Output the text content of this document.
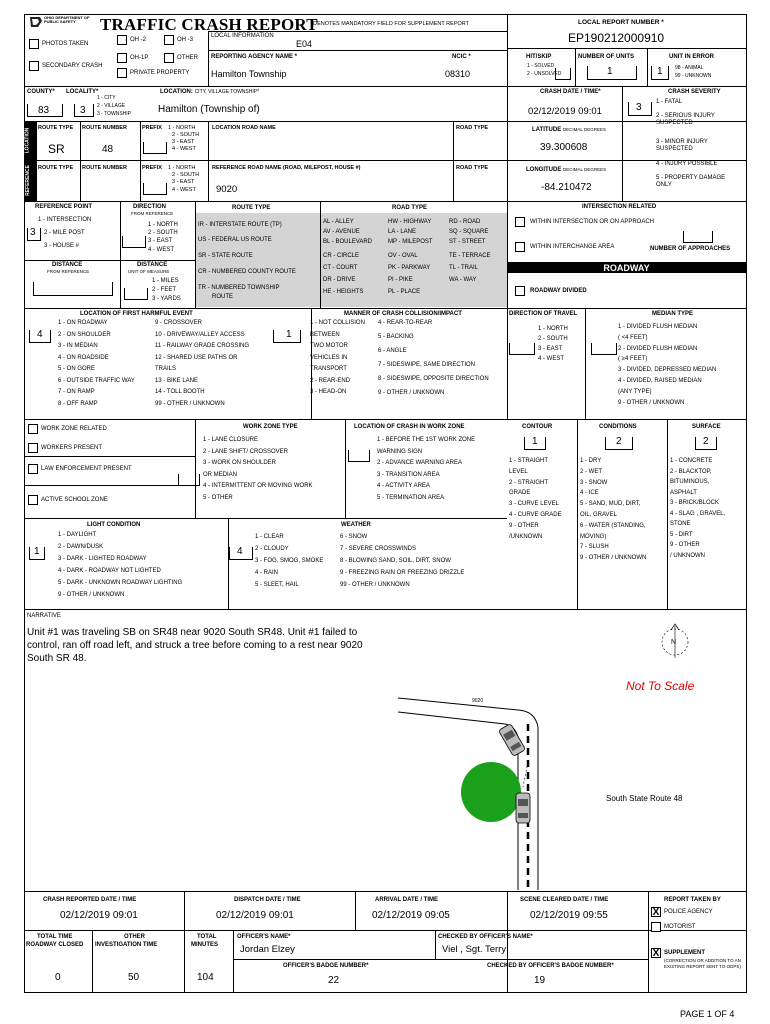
OHIO DEPARTMENT OF PUBLIC SAFETY	TRAFFIC CRASH REPORT
*DENOTES MANDATORY FIELD FOR SUPPLEMENT REPORT	LOCAL REPORT NUMBER *
EP190212000910
PHOTOS TAKEN
OH -2	OH -3
OH-1P	OTHER
SECONDARY CRASH
PRIVATE PROPERTY
LOCAL INFORMATION
E04
REPORTING AGENCY NAME *
Hamilton Township
NCIC *
08310
HIT/SKIP
1 - SOLVED
2 - UNSOLVED
NUMBER OF UNITS
1
UNIT IN ERROR
1 98 - ANIMAL
99 - UNKNOWN
COUNTY*
83
LOCALITY*
3
1 - CITY
2 - VILLAGE
3 - TOWNSHIP
LOCATION: CITY, VILLAGE TOWNSHIP*
Hamilton (Township of)
CRASH DATE / TIME*
02/12/2019 09:01
CRASH SEVERITY
3 1 - FATAL
2 - SERIOUS INJURY SUSPECTED
3 - MINOR INJURY SUSPECTED
4 - INJURY POSSIBLE
5 - PROPERTY DAMAGE ONLY
LOCATION
REFERENCE
ROUTE TYPE ROUTE NUMBER	PREFIX 1 - NORTH
2 - SOUTH
3 - EAST
4 - WEST
LOCATION ROAD NAME	ROAD TYPE
SR	48
LATITUDE DECIMAL DEGREES
39.300608
ROUTE TYPE ROUTE NUMBER	PREFIX 1 - NORTH
2 - SOUTH
3 - EAST
4 - WEST
REFERENCE ROAD NAME (ROAD, MILEPOST, HOUSE #)	ROAD TYPE
9020
LONGITUDE DECIMAL DEGREES
-84.210472
REFERENCE POINT
3
1 - INTERSECTION
2 - MILE POST
3 - HOUSE #
DIRECTION
FROM REFERENCE
1 - NORTH
2 - SOUTH
3 - EAST
4 - WEST
DISTANCE
FROM REFERENCE
DISTANCE
UNIT OF MEASURE
1 - MILES
2 - FEET
3 - YARDS
ROUTE TYPE
IR - INTERSTATE ROUTE (TP)
US - FEDERAL US ROUTE
SR - STATE ROUTE
CR - NUMBERED COUNTY ROUTE
TR - NUMBERED TOWNSHIP
ROUTE
ROAD TYPE
AL - ALLEY
AV - AVENUE
BL - BOULEVARD
CR - CIRCLE
CT - COURT
DR - DRIVE
HE - HEIGHTS
HW - HIGHWAY
LA - LANE
MP - MILEPOST
OV - OVAL
PK - PARKWAY
PI - PIKE
PL - PLACE
RD - ROAD
SQ - SQUARE
ST - STREET
TE - TERRACE
TL - TRAIL
WA - WAY
INTERSECTION RELATED
WITHIN INTERSECTION OR ON APPROACH
WITHIN INTERCHANGE AREA	NUMBER OF APPROACHES
ROADWAY
ROADWAY DIVIDED
LOCATION OF FIRST HARMFUL EVENT
4
1 - ON ROADWAY
2 - ON SHOULDER
3 - IN MEDIAN
4 - ON ROADSIDE
5 - ON GORE
6 - OUTSIDE TRAFFIC WAY
7 - ON RAMP
8 - OFF RAMP
9 - CROSSOVER
10 - DRIVEWAY/ALLEY ACCESS
11 - RAILWAY GRADE CROSSING
12 - SHARED USE PATHS OR
TRAILS
13 - BIKE LANE
14 - TOLL BOOTH
99 - OTHER / UNKNOWN
MANNER OF CRASH COLLISION/IMPACT
1
1 - NOT COLLISION
BETWEEN
TWO MOTOR
VEHICLES IN
TRANSPORT
2 - REAR-END
3 - HEAD-ON
4 - REAR-TO-REAR
5 - BACKING
6 - ANGLE
7 - SIDESWIPE, SAME DIRECTION
8 - SIDESWIPE, OPPOSITE DIRECTION
9 - OTHER / UNKNOWN
DIRECTION OF TRAVEL
1 - NORTH
2 - SOUTH
3 - EAST
4 - WEST
MEDIAN TYPE
1 - DIVIDED FLUSH MEDIAN
( <4 FEET)
2 - DIVIDED FLUSH MEDIAN
( ≥4 FEET)
3 - DIVIDED, DEPRESSED MEDIAN
4 - DIVIDED, RAISED MEDIAN
(ANY TYPE)
9 - OTHER / UNKNOWN
WORK ZONE RELATED
WORKERS PRESENT
LAW ENFORCEMENT PRESENT
ACTIVE SCHOOL ZONE
WORK ZONE TYPE
1 - LANE CLOSURE
2 - LANE SHIFT/ CROSSOVER
3 - WORK ON SHOULDER
OR MEDIAN
4 - INTERMITTENT OR MOVING WORK
5 - OTHER
LOCATION OF CRASH IN WORK ZONE
1 - BEFORE THE 1ST WORK ZONE
WARNING SIGN
2 - ADVANCE WARNING AREA
3 - TRANSITION AREA
4 - ACTIVITY AREA
5 - TERMINATION AREA
CONTOUR
1
1 - STRAIGHT
LEVEL
2 - STRAIGHT
GRADE
3 - CURVE LEVEL
4 - CURVE GRADE
9 - OTHER
/UNKNOWN
CONDITIONS
2
1 - DRY
2 - WET
3 - SNOW
4 - ICE
5 - SAND, MUD, DIRT,
OIL, GRAVEL
6 - WATER (STANDING,
MOVING)
7 - SLUSH
9 - OTHER / UNKNOWN
SURFACE
2
1 - CONCRETE
2 - BLACKTOP,
BITUMINOUS,
ASPHALT
3 - BRICK/BLOCK
4 - SLAG , GRAVEL,
STONE
5 - DIRT
9 - OTHER
/ UNKNOWN
LIGHT CONDITION
1
1 - DAYLIGHT
2 - DAWN/DUSK
3 - DARK - LIGHTED ROADWAY
4 - DARK - ROADWAY NOT LIGHTED
5 - DARK - UNKNOWN ROADWAY LIGHTING
9 - OTHER / UNKNOWN
WEATHER
4
1 - CLEAR
2 - CLOUDY
3 - FOG, SMOG, SMOKE
4 - RAIN
5 - SLEET, HAIL
6 - SNOW
7 - SEVERE CROSSWINDS
8 - BLOWING SAND, SOIL, DIRT, SNOW
9 - FREEZING RAIN OR FREEZING DRIZZLE
99 - OTHER / UNKNOWN
NARRATIVE
Unit #1 was traveling SB on SR48 near 9020 South SR48. Unit #1 failed to control, ran off road left, and struck a tree before coming to a rest near 9020 South SR 48.
N
Not To Scale
9020
South State Route 48
CRASH REPORTED DATE / TIME
02/12/2019 09:01
DISPATCH DATE / TIME
02/12/2019 09:01
ARRIVAL DATE / TIME
02/12/2019 09:05
SCENE CLEARED DATE / TIME
02/12/2019 09:55
REPORT TAKEN BY
X POLICE AGENCY
MOTORIST
TOTAL TIME
ROADWAY CLOSED
0
OTHER
INVESTIGATION TIME
50
TOTAL
MINUTES
104
OFFICER'S NAME*
Jordan Elzey
CHECKED BY OFFICER'S NAME*
Viel , Sgt. Terry
OFFICER'S BADGE NUMBER*
22
CHECKED BY OFFICER'S BADGE NUMBER*
19
X SUPPLEMENT
(CORRECTION OR ADDITION TO AN EXISTING REPORT SENT TO ODPS)
PAGE 1 OF 4
